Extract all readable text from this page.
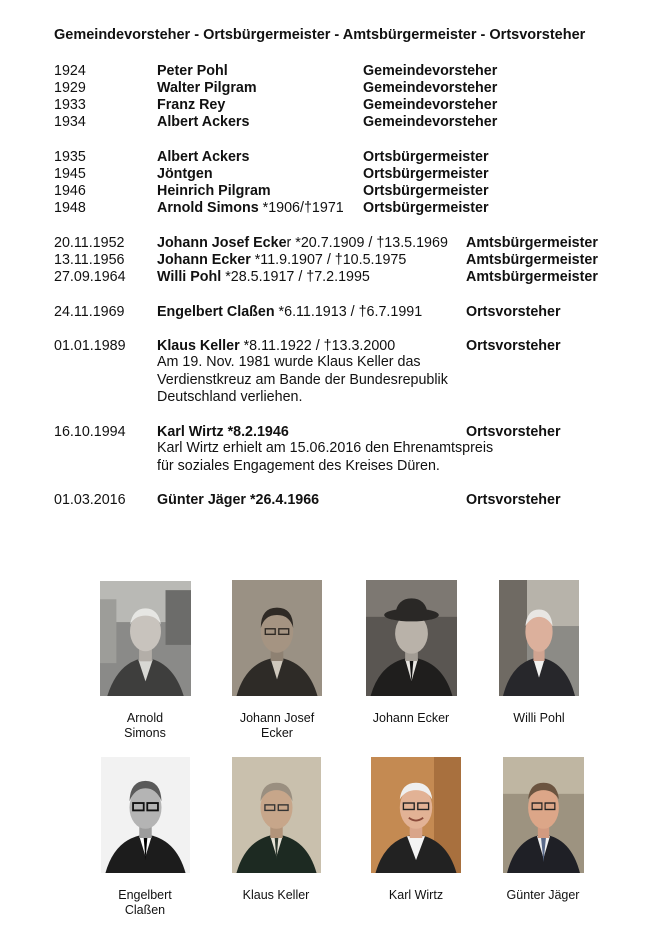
Gemeindevorsteher - Ortsbürgermeister - Amtsbürgermeister - Ortsvorsteher
1924	Peter Pohl	Gemeindevorsteher
1929	Walter Pilgram	Gemeindevorsteher
1933	Franz Rey	Gemeindevorsteher
1934	Albert Ackers	Gemeindevorsteher
1935	Albert Ackers	Ortsbürgermeister
1945	Jöntgen	Ortsbürgermeister
1946	Heinrich Pilgram	Ortsbürgermeister
1948	Arnold Simons *1906/†1971 Ortsbürgermeister
20.11.1952 Johann Josef Ecker *20.7.1909 / †13.5.1969 Amtsbürgermeister
13.11.1956 Johann Ecker *11.9.1907 / †10.5.1975	Amtsbürgermeister
27.09.1964 Willi Pohl *28.5.1917 / †7.2.1995	Amtsbürgermeister
24.11.1969 Engelbert Claßen *6.11.1913 / †6.7.1991	Ortsvorsteher
01.01.1989 Klaus Keller *8.11.1922 / †13.3.2000	Ortsvorsteher
Am 19. Nov. 1981 wurde Klaus Keller das
Verdienstkreuz am Bande der Bundesrepublik
Deutschland verliehen.
16.10.1994 Karl Wirtz *8.2.1946	Ortsvorsteher
Karl Wirtz erhielt am 15.06.2016 den Ehrenamtspreis
für soziales Engagement des Kreises Düren.
01.03.2016 Günter Jäger *26.4.1966	Ortsvorsteher
Arnold
Simons
Johann Josef
Ecker
Johann Ecker	Willi Pohl
Engelbert
Claßen
Klaus Keller	Karl Wirtz	Günter Jäger
